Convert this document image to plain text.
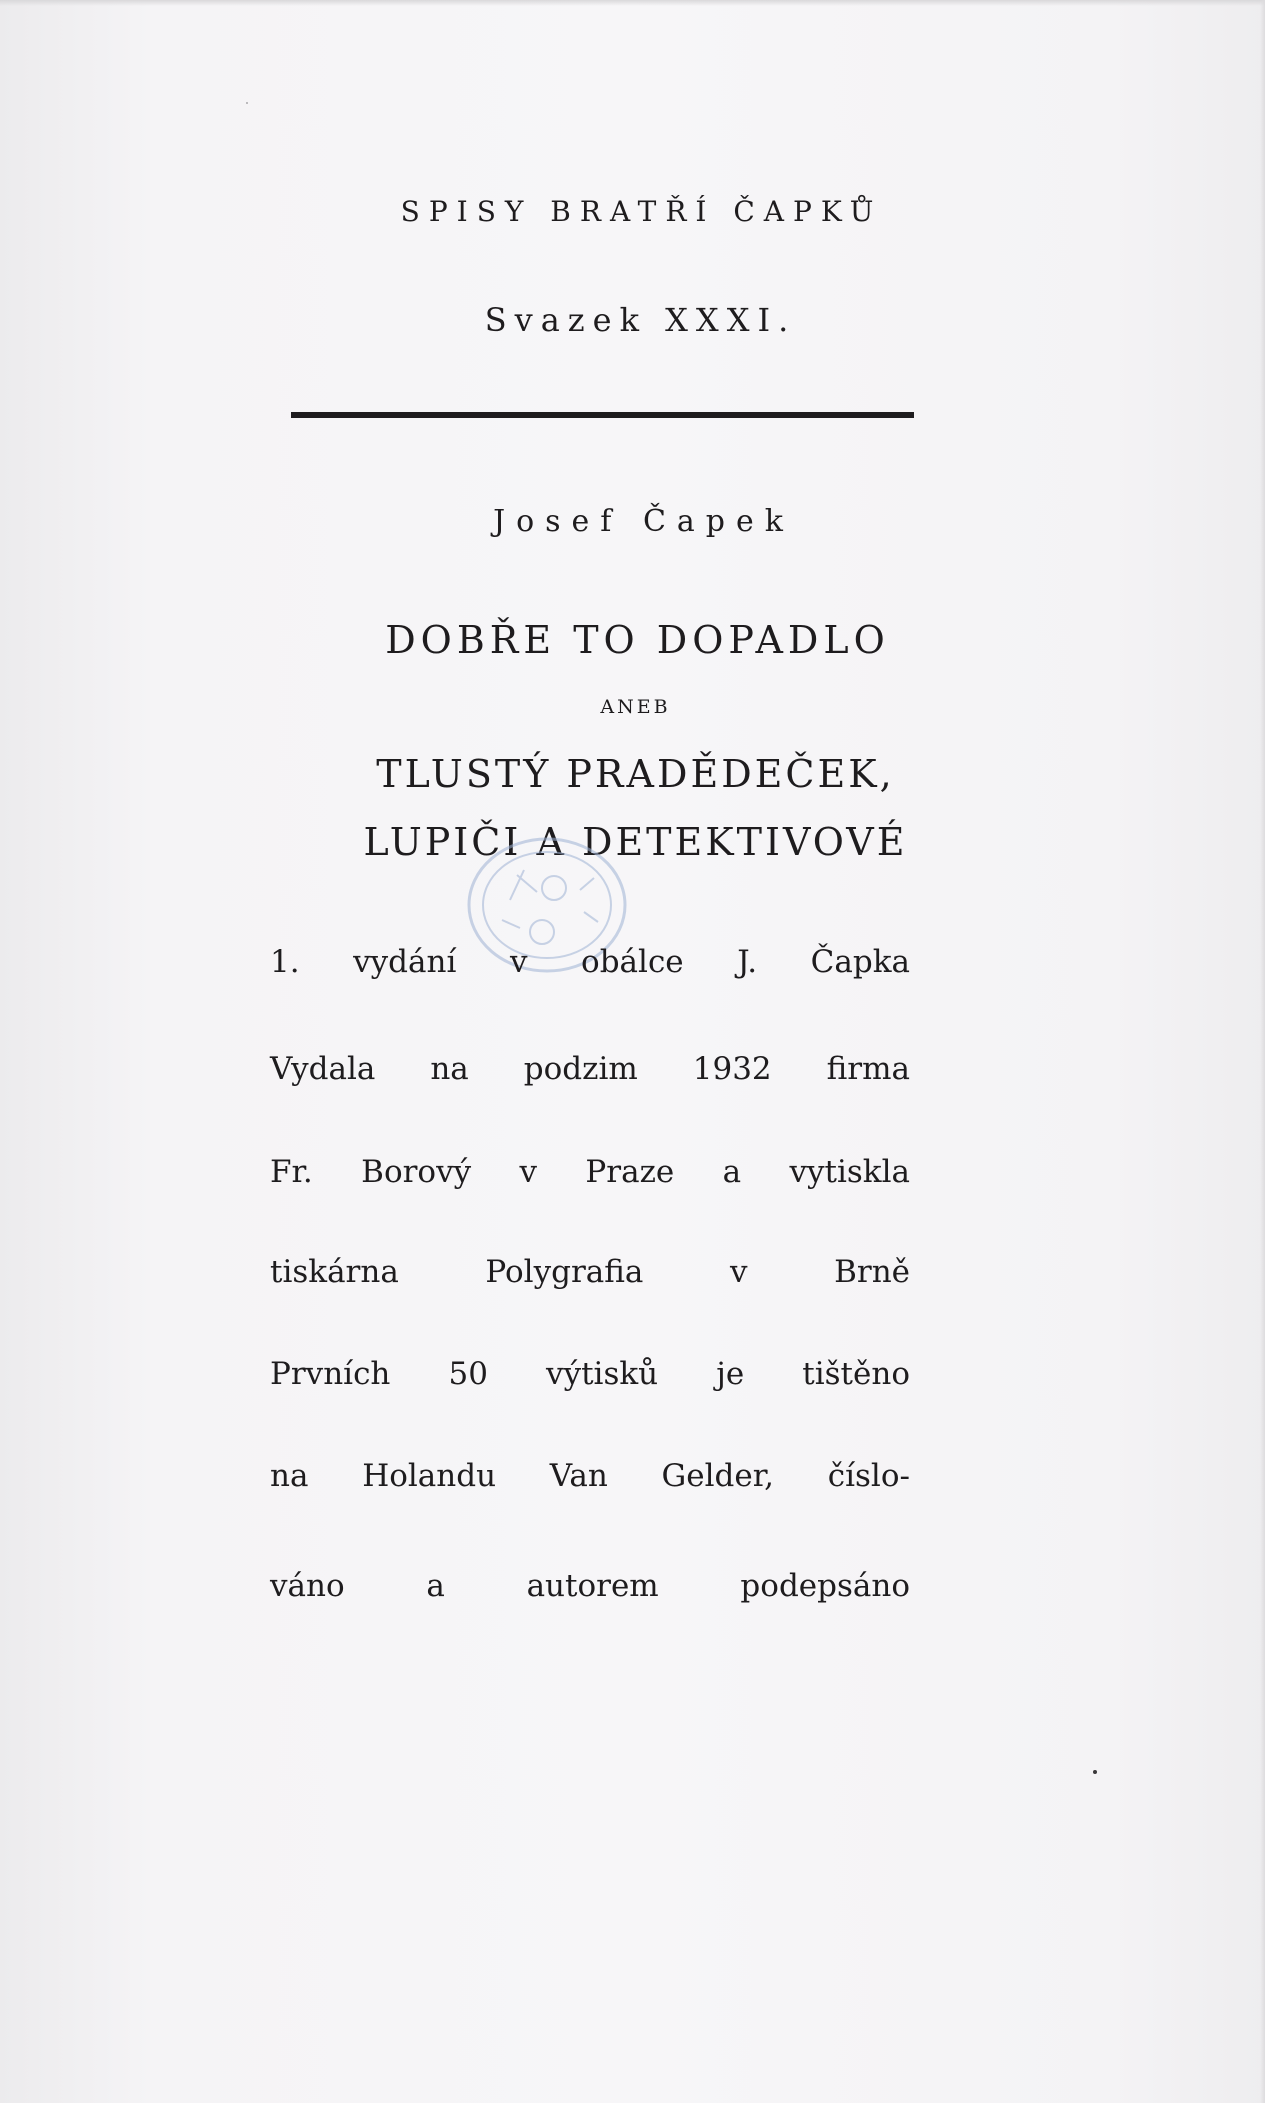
SPISY BRATŘÍ ČAPKŮ
Svazek XXXI.
Josef Čapek
DOBŘE TO DOPADLO
ANEB
TLUSTÝ PRADĚDEČEK,
LUPIČI A DETEKTIVOVÉ
1. vydání v obálce J. Čapka
Vydala na podzim 1932 firma
Fr. Borový v Praze a vytiskla
tiskárna Polygrafia v Brně
Prvních 50 výtisků je tištěno
na Holandu Van Gelder, číslo-
váno a autorem podepsáno
